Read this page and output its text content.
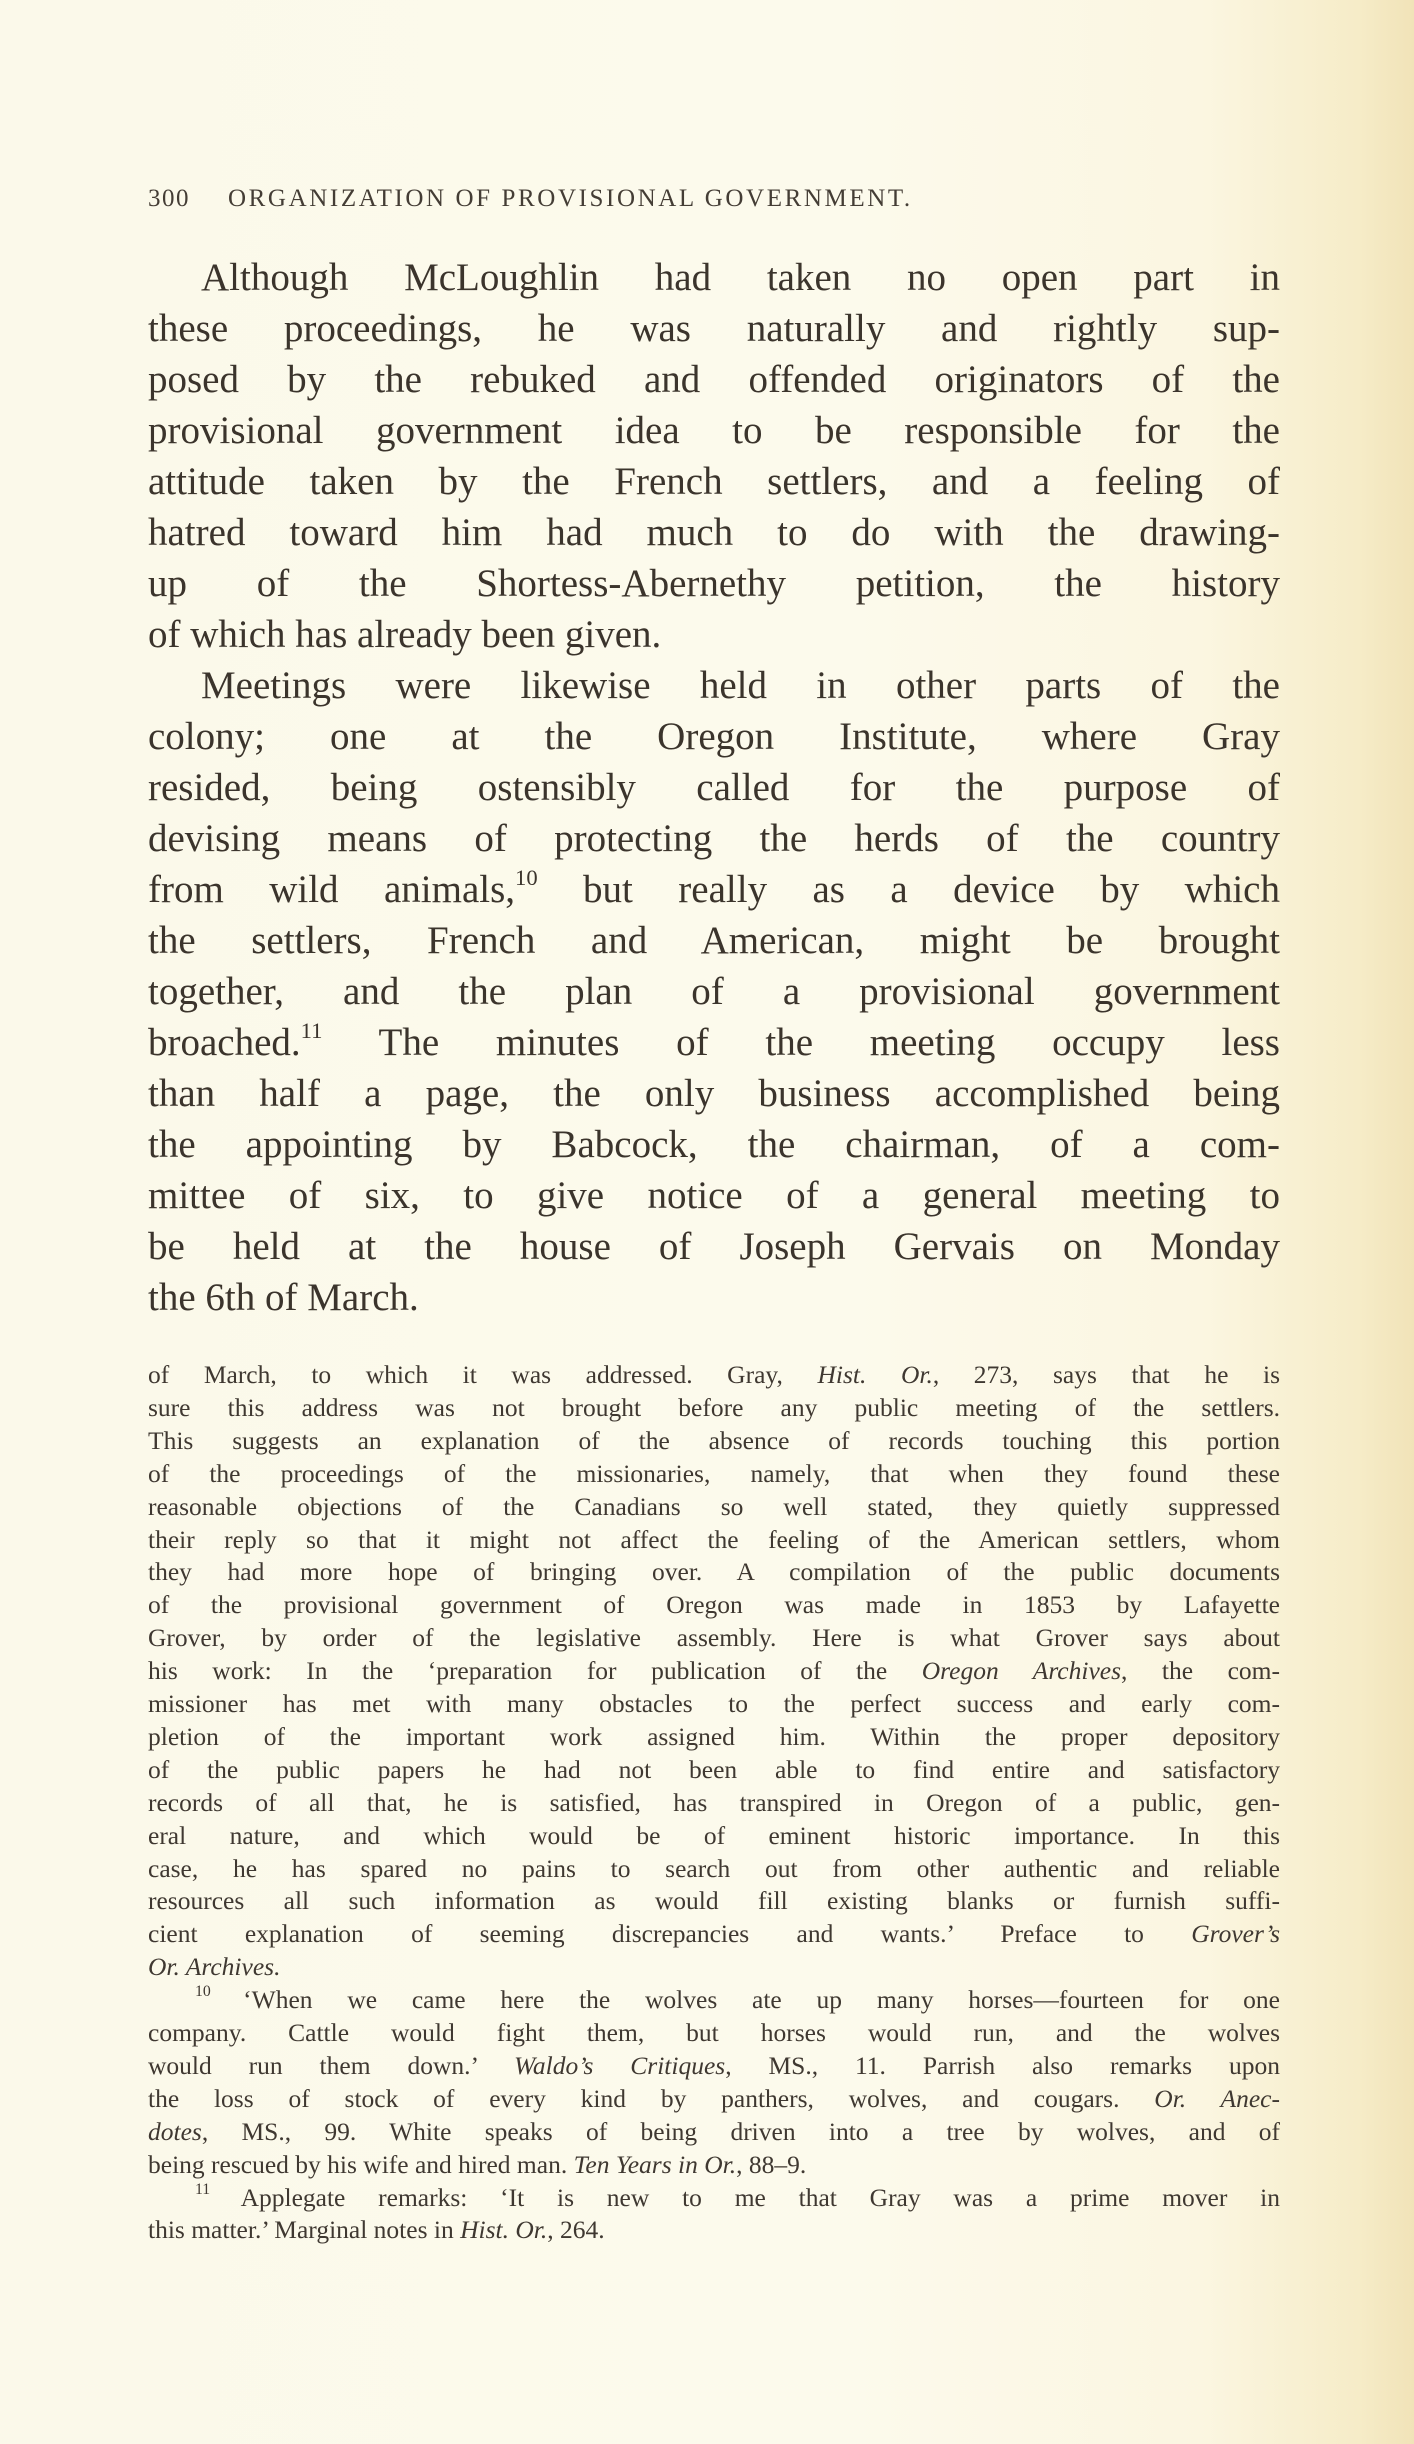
300 ORGANIZATION OF PROVISIONAL GOVERNMENT.
Although McLoughlin had taken no open part in
these proceedings, he was naturally and rightly sup-
posed by the rebuked and offended originators of the
provisional government idea to be responsible for the
attitude taken by the French settlers, and a feeling of
hatred toward him had much to do with the drawing-
up of the Shortess-Abernethy petition, the history
of which has already been given.
Meetings were likewise held in other parts of the
colony; one at the Oregon Institute, where Gray
resided, being ostensibly called for the purpose of
devising means of protecting the herds of the country
from wild animals,$^{10}$ but really as a device by which
the settlers, French and American, might be brought
together, and the plan of a provisional government
broached.$^{11}$ The minutes of the meeting occupy less
than half a page, the only business accomplished being
the appointing by Babcock, the chairman, of a com-
mittee of six, to give notice of a general meeting to
be held at the house of Joseph Gervais on Monday
the 6th of March.
of March, to which it was addressed. Gray, Hist. Or., 273, says that he is
sure this address was not brought before any public meeting of the settlers.
This suggests an explanation of the absence of records touching this portion
of the proceedings of the missionaries, namely, that when they found these
reasonable objections of the Canadians so well stated, they quietly suppressed
their reply so that it might not affect the feeling of the American settlers, whom
they had more hope of bringing over. A compilation of the public documents
of the provisional government of Oregon was made in 1853 by Lafayette
Grover, by order of the legislative assembly. Here is what Grover says about
his work: In the ‘preparation for publication of the Oregon Archives, the com-
missioner has met with many obstacles to the perfect success and early com-
pletion of the important work assigned him. Within the proper depository
of the public papers he had not been able to find entire and satisfactory
records of all that, he is satisfied, has transpired in Oregon of a public, gen-
eral nature, and which would be of eminent historic importance. In this
case, he has spared no pains to search out from other authentic and reliable
resources all such information as would fill existing blanks or furnish suffi-
cient explanation of seeming discrepancies and wants.’ Preface to Grover’s
Or. Archives.
$^{10}$ ‘When we came here the wolves ate up many horses—fourteen for one
company. Cattle would fight them, but horses would run, and the wolves
would run them down.’ Waldo’s Critiques, MS., 11. Parrish also remarks upon
the loss of stock of every kind by panthers, wolves, and cougars. Or. Anec-
dotes, MS., 99. White speaks of being driven into a tree by wolves, and of
being rescued by his wife and hired man. Ten Years in Or., 88–9.
$^{11}$ Applegate remarks: ‘It is new to me that Gray was a prime mover in
this matter.’ Marginal notes in Hist. Or., 264.
